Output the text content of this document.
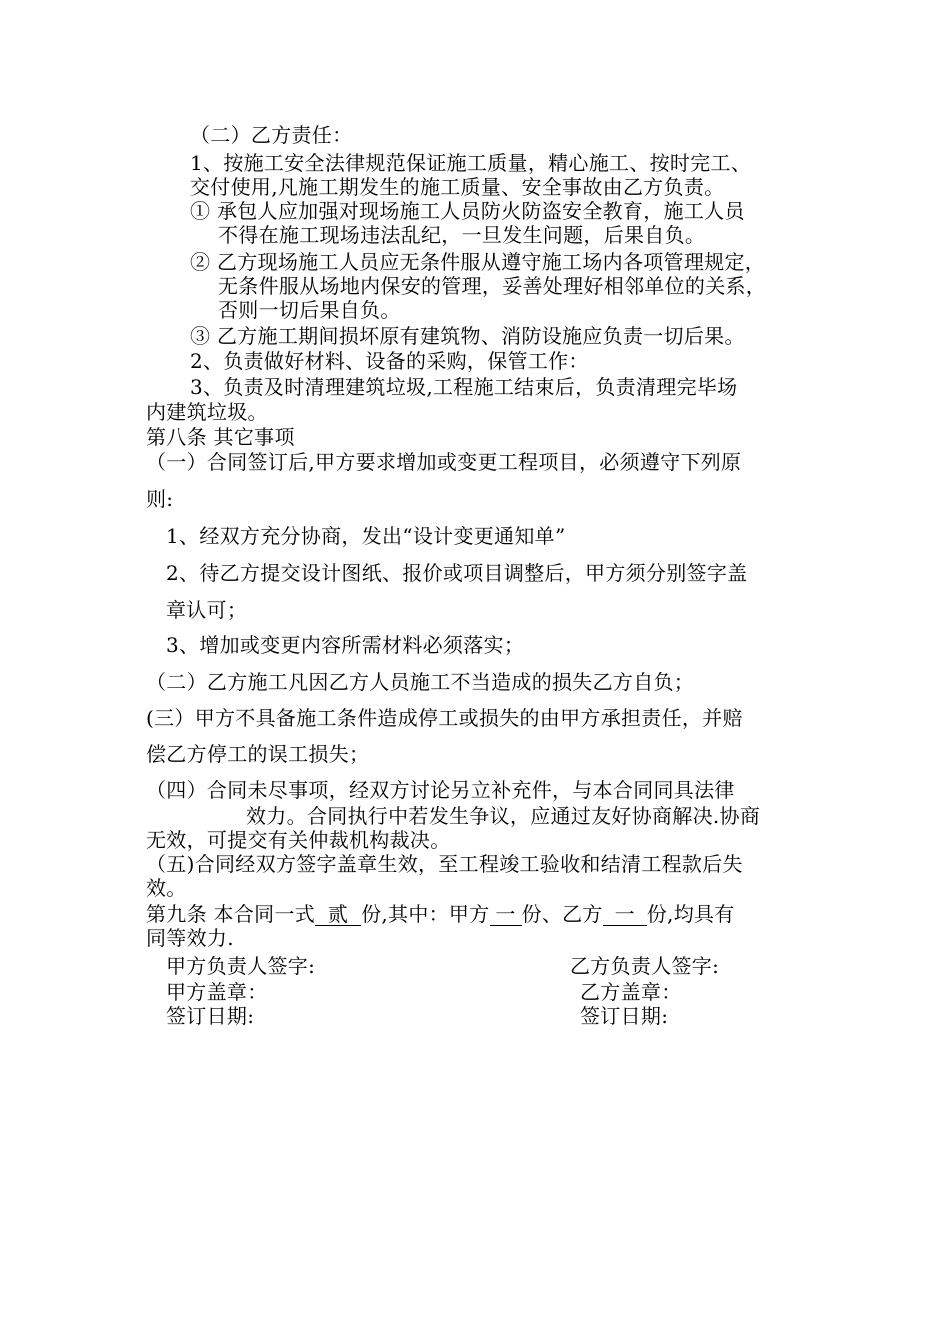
（二）乙方责任：
1、按施工安全法律规范保证施工质量，精心施工、按时完工、
交付使用,凡施工期发生的施工质量、安全事故由乙方负责。
① 承包人应加强对现场施工人员防火防盗安全教育，施工人员
不得在施工现场违法乱纪，一旦发生问题，后果自负。
② 乙方现场施工人员应无条件服从遵守施工场内各项管理规定，
无条件服从场地内保安的管理，妥善处理好相邻单位的关系，
否则一切后果自负。
③ 乙方施工期间损坏原有建筑物、消防设施应负责一切后果。
2、负责做好材料、设备的采购，保管工作：
3、负责及时清理建筑垃圾,工程施工结束后，负责清理完毕场
内建筑垃圾。
第八条 其它事项
（一）合同签订后,甲方要求增加或变更工程项目，必须遵守下列原
则:
1、经双方充分协商，发出“设计变更通知单”
2、待乙方提交设计图纸、报价或项目调整后，甲方须分别签字盖
章认可；
3、增加或变更内容所需材料必须落实；
（二）乙方施工凡因乙方人员施工不当造成的损失乙方自负；
(三）甲方不具备施工条件造成停工或损失的由甲方承担责任，并赔
偿乙方停工的误工损失；
（四）合同未尽事项，经双方讨论另立补充件，与本合同同具法律
效力。合同执行中若发生争议，应通过友好协商解决.协商
无效，可提交有关仲裁机构裁决。
（五)合同经双方签字盖章生效，至工程竣工验收和结清工程款后失
效。
第九条 本合同一式 贰 份,其中：甲方 一 份、乙方 一 份,均具有
同等效力.
甲方负责人签字:	乙方负责人签字:
甲方盖章：	乙方盖章：
签订日期:	签订日期:
